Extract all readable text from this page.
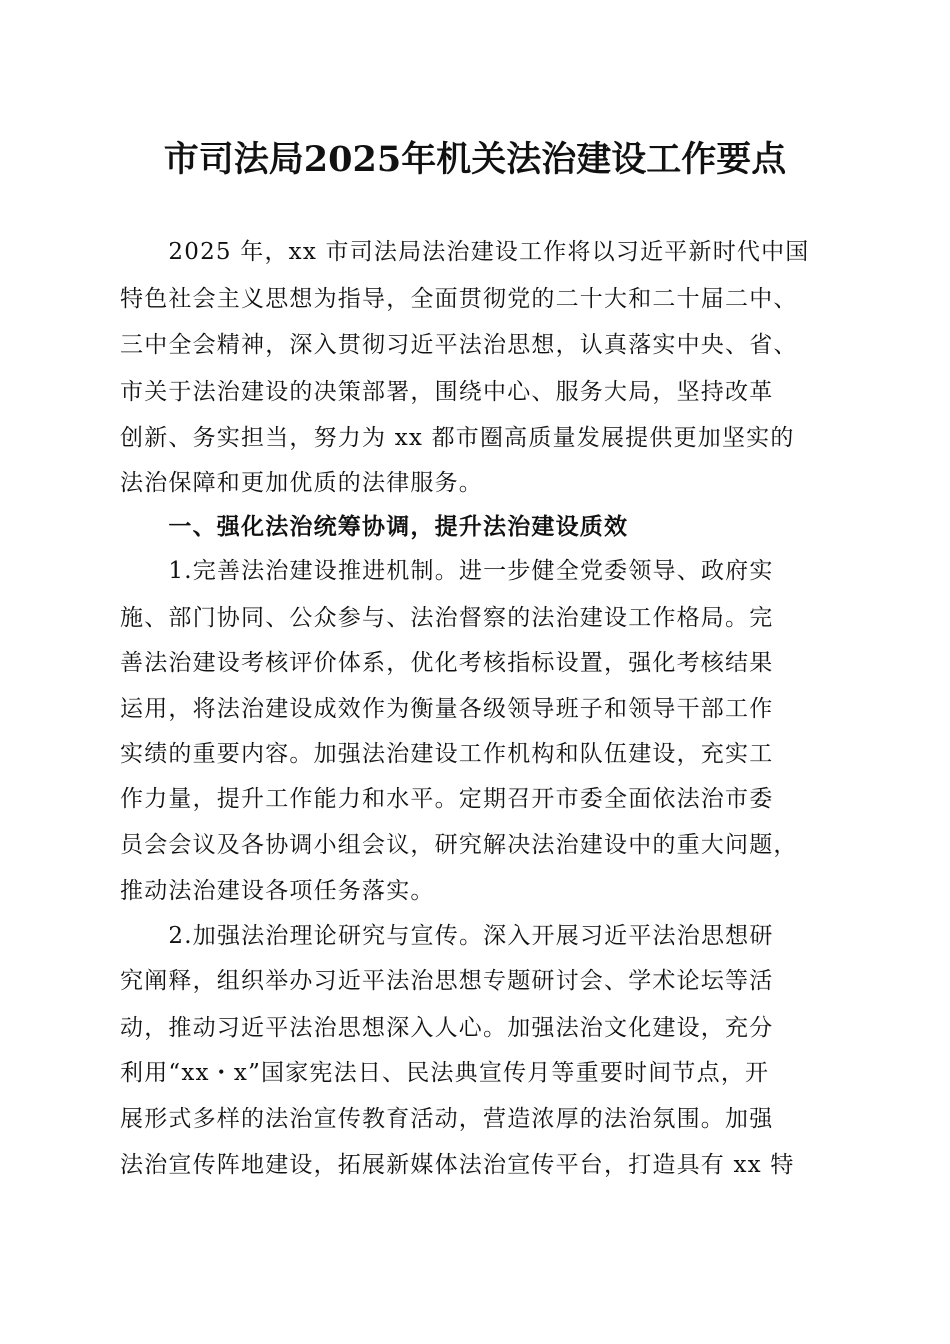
市司法局2025年机关法治建设工作要点
　　2025 年，xx 市司法局法治建设工作将以习近平新时代中国
特色社会主义思想为指导，全面贯彻党的二十大和二十届二中、
三中全会精神，深入贯彻习近平法治思想，认真落实中央、省、
市关于法治建设的决策部署，围绕中心、服务大局，坚持改革
创新、务实担当，努力为 xx 都市圈高质量发展提供更加坚实的
法治保障和更加优质的法律服务。
　　一、强化法治统筹协调，提升法治建设质效
　　1.完善法治建设推进机制。进一步健全党委领导、政府实
施、部门协同、公众参与、法治督察的法治建设工作格局。完
善法治建设考核评价体系，优化考核指标设置，强化考核结果
运用，将法治建设成效作为衡量各级领导班子和领导干部工作
实绩的重要内容。加强法治建设工作机构和队伍建设，充实工
作力量，提升工作能力和水平。定期召开市委全面依法治市委
员会会议及各协调小组会议，研究解决法治建设中的重大问题，
推动法治建设各项任务落实。
　　2.加强法治理论研究与宣传。深入开展习近平法治思想研
究阐释，组织举办习近平法治思想专题研讨会、学术论坛等活
动，推动习近平法治思想深入人心。加强法治文化建设，充分
利用“xx・x”国家宪法日、民法典宣传月等重要时间节点，开
展形式多样的法治宣传教育活动，营造浓厚的法治氛围。加强
法治宣传阵地建设，拓展新媒体法治宣传平台，打造具有 xx 特
